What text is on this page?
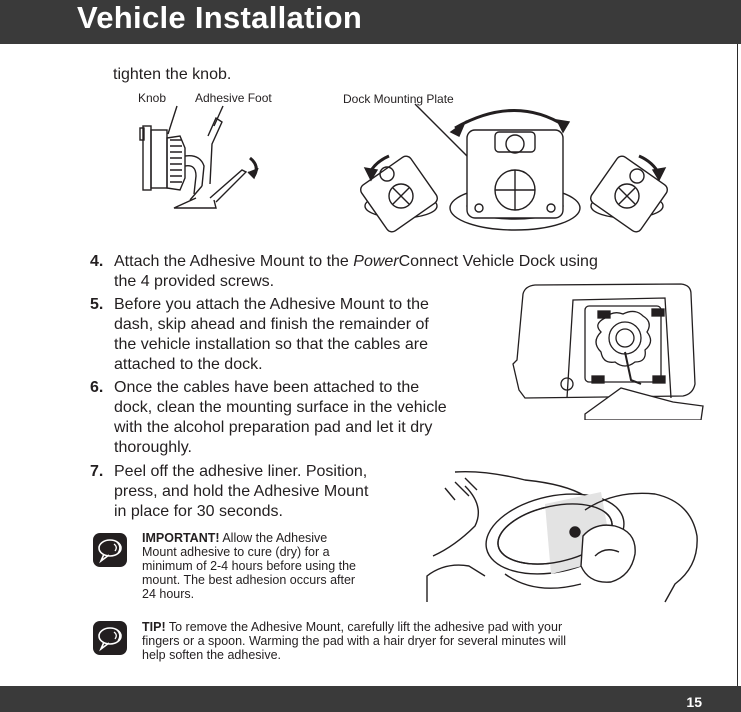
Vehicle Installation
tighten the knob.
Knob Adhesive Foot	Dock Mounting Plate
4. Attach the Adhesive Mount to the PowerConnect Vehicle Dock using
the 4 provided screws.
5. Before you attach the Adhesive Mount to the
dash, skip ahead and finish the remainder of
the vehicle installation so that the cables are
attached to the dock.
6. Once the cables have been attached to the
dock, clean the mounting surface in the vehicle
with the alcohol preparation pad and let it dry
thoroughly.
7. Peel off the adhesive liner. Position,
press, and hold the Adhesive Mount
in place for 30 seconds.
IMPORTANT! Allow the Adhesive
Mount adhesive to cure (dry) for a
minimum of 2-4 hours before using the
mount. The best adhesion occurs after
24 hours.
TIP! To remove the Adhesive Mount, carefully lift the adhesive pad with your
fingers or a spoon. Warming the pad with a hair dryer for several minutes will
help soften the adhesive.
15
